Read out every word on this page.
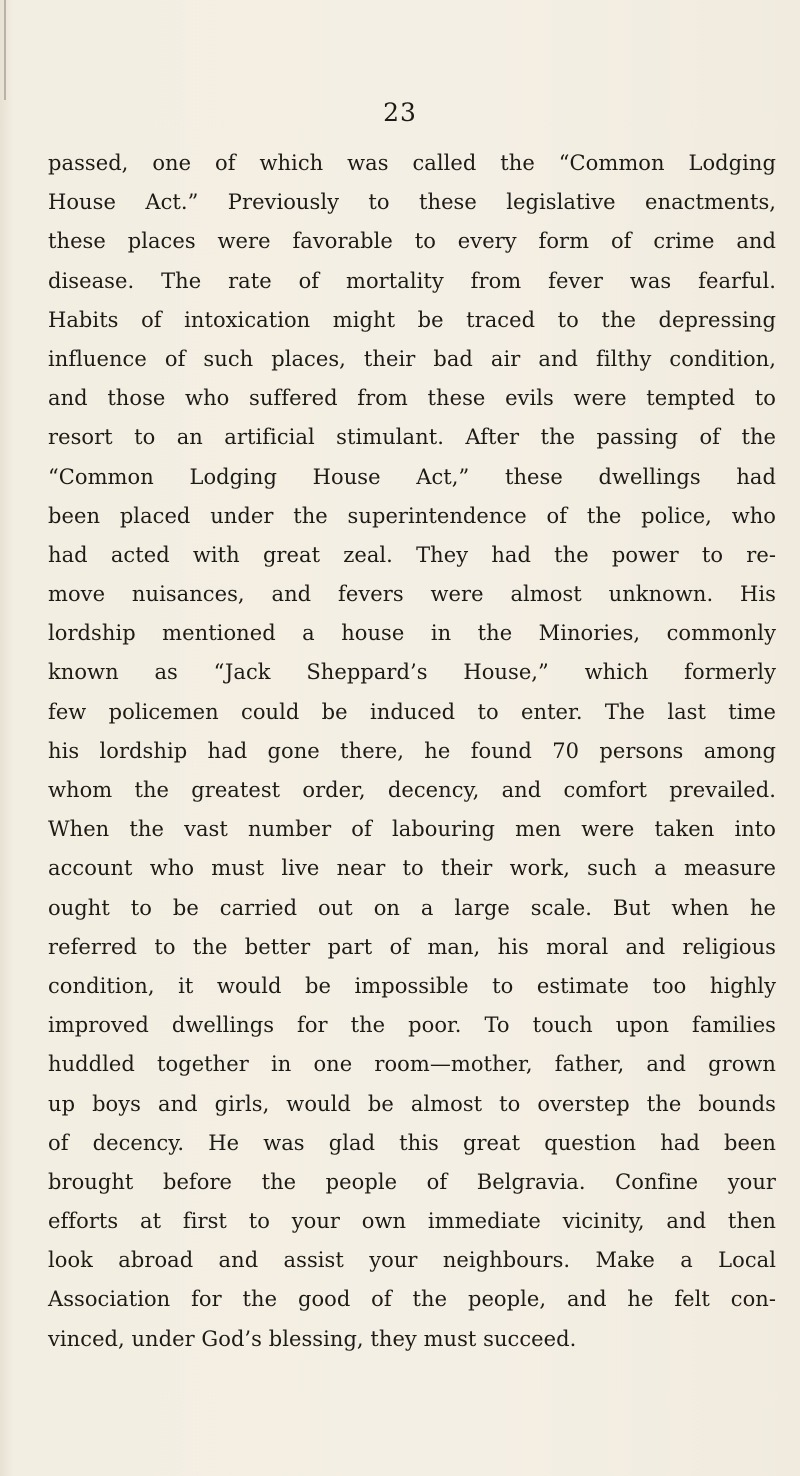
23
passed, one of which was called the “Common Lodging
House Act.” Previously to these legislative enactments,
these places were favorable to every form of crime and
disease. The rate of mortality from fever was fearful.
Habits of intoxication might be traced to the depressing
influence of such places, their bad air and filthy condition,
and those who suffered from these evils were tempted to
resort to an artificial stimulant. After the passing of the
“Common Lodging House Act,” these dwellings had
been placed under the superintendence of the police, who
had acted with great zeal. They had the power to re-
move nuisances, and fevers were almost unknown. His
lordship mentioned a house in the Minories, commonly
known as “Jack Sheppard’s House,” which formerly
few policemen could be induced to enter. The last time
his lordship had gone there, he found 70 persons among
whom the greatest order, decency, and comfort prevailed.
When the vast number of labouring men were taken into
account who must live near to their work, such a measure
ought to be carried out on a large scale. But when he
referred to the better part of man, his moral and religious
condition, it would be impossible to estimate too highly
improved dwellings for the poor. To touch upon families
huddled together in one room—mother, father, and grown
up boys and girls, would be almost to overstep the bounds
of decency. He was glad this great question had been
brought before the people of Belgravia. Confine your
efforts at first to your own immediate vicinity, and then
look abroad and assist your neighbours. Make a Local
Association for the good of the people, and he felt con-
vinced, under God’s blessing, they must succeed.
